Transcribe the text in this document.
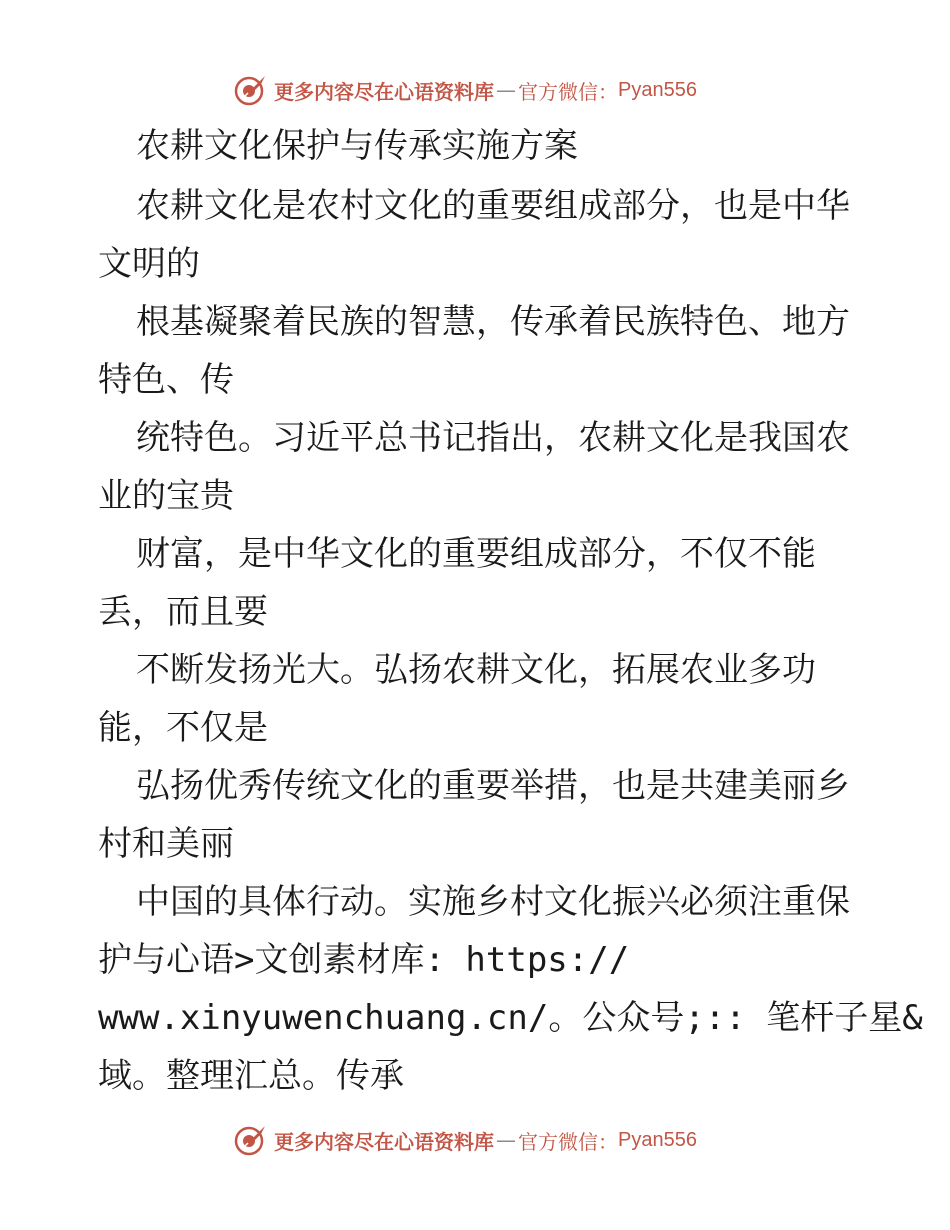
更多内容尽在心语资料库 — 官方微信： Pyan556
农耕文化保护与传承实施方案
农耕文化是农村文化的重要组成部分，也是中华
文明的
根基凝聚着民族的智慧，传承着民族特色、地方
特色、传
统特色。习近平总书记指出，农耕文化是我国农
业的宝贵
财富，是中华文化的重要组成部分，不仅不能
丢，而且要
不断发扬光大。弘扬农耕文化，拓展农业多功
能，不仅是
弘扬优秀传统文化的重要举措，也是共建美丽乡
村和美丽
中国的具体行动。实施乡村文化振兴必须注重保
护与心语>文创素材库: https://
www.xinyuwenchuang.cn/。公众号;:: 笔杆子星&
域。整理汇总。传承
更多内容尽在心语资料库 — 官方微信： Pyan556
